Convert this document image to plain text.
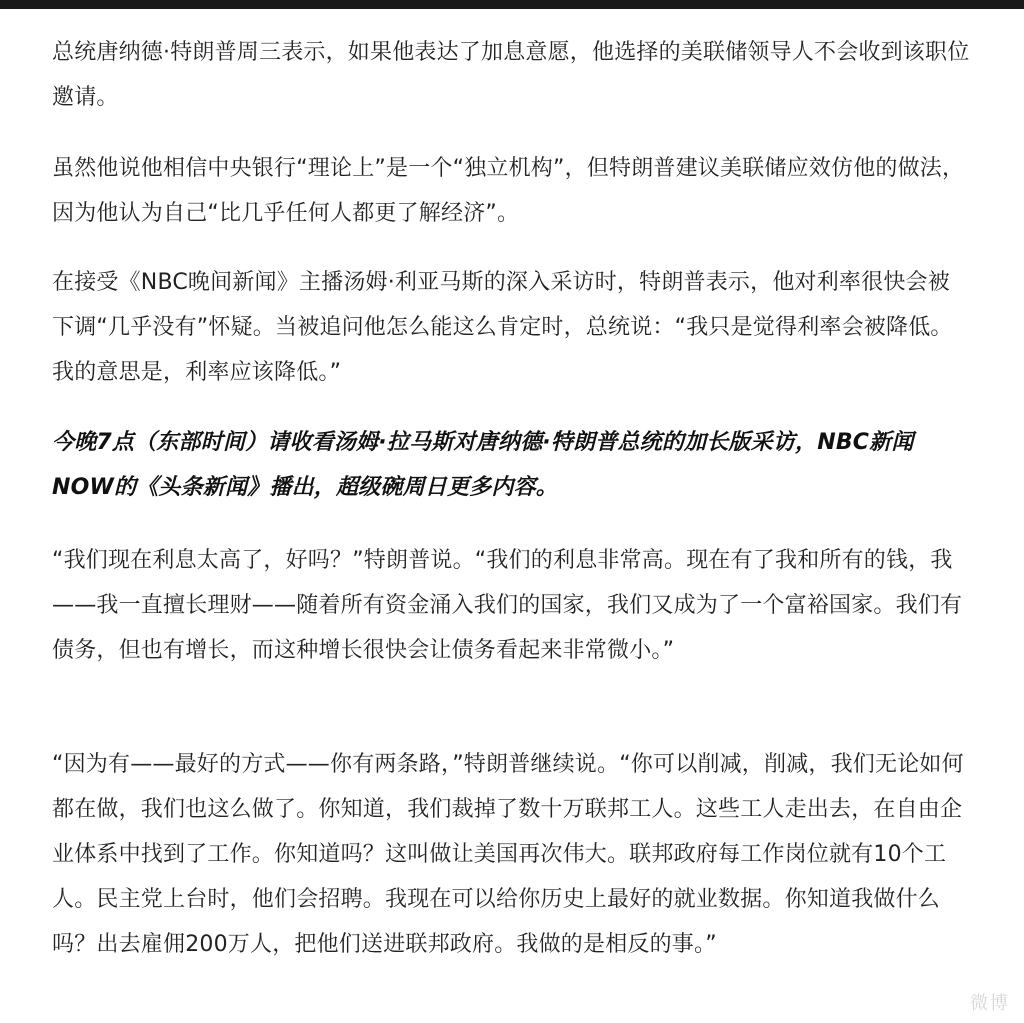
总统唐纳德·特朗普周三表示，如果他表达了加息意愿，他选择的美联储领导人不会收到该职位邀请。

虽然他说他相信中央银行“理论上”是一个“独立机构”，但特朗普建议美联储应效仿他的做法，因为他认为自己“比几乎任何人都更了解经济”。

在接受《NBC晚间新闻》主播汤姆·利亚马斯的深入采访时，特朗普表示，他对利率很快会被下调“几乎没有”怀疑。当被追问他怎么能这么肯定时，总统说：“我只是觉得利率会被降低。我的意思是，利率应该降低。”

今晚7点（东部时间）请收看汤姆·拉马斯对唐纳德·特朗普总统的加长版采访，NBC新闻NOW的《头条新闻》播出，超级碗周日更多内容。

“我们现在利息太高了，好吗？”特朗普说。“我们的利息非常高。现在有了我和所有的钱，我——我一直擅长理财——随着所有资金涌入我们的国家，我们又成为了一个富裕国家。我们有债务，但也有增长，而这种增长很快会让债务看起来非常微小。”

“因为有——最好的方式——你有两条路，”特朗普继续说。“你可以削减，削减，我们无论如何都在做，我们也这么做了。你知道，我们裁掉了数十万联邦工人。这些工人走出去，在自由企业体系中找到了工作。你知道吗？这叫做让美国再次伟大。联邦政府每工作岗位就有10个工人。民主党上台时，他们会招聘。我现在可以给你历史上最好的就业数据。你知道我做什么吗？出去雇佣200万人，把他们送进联邦政府。我做的是相反的事。”

微博
